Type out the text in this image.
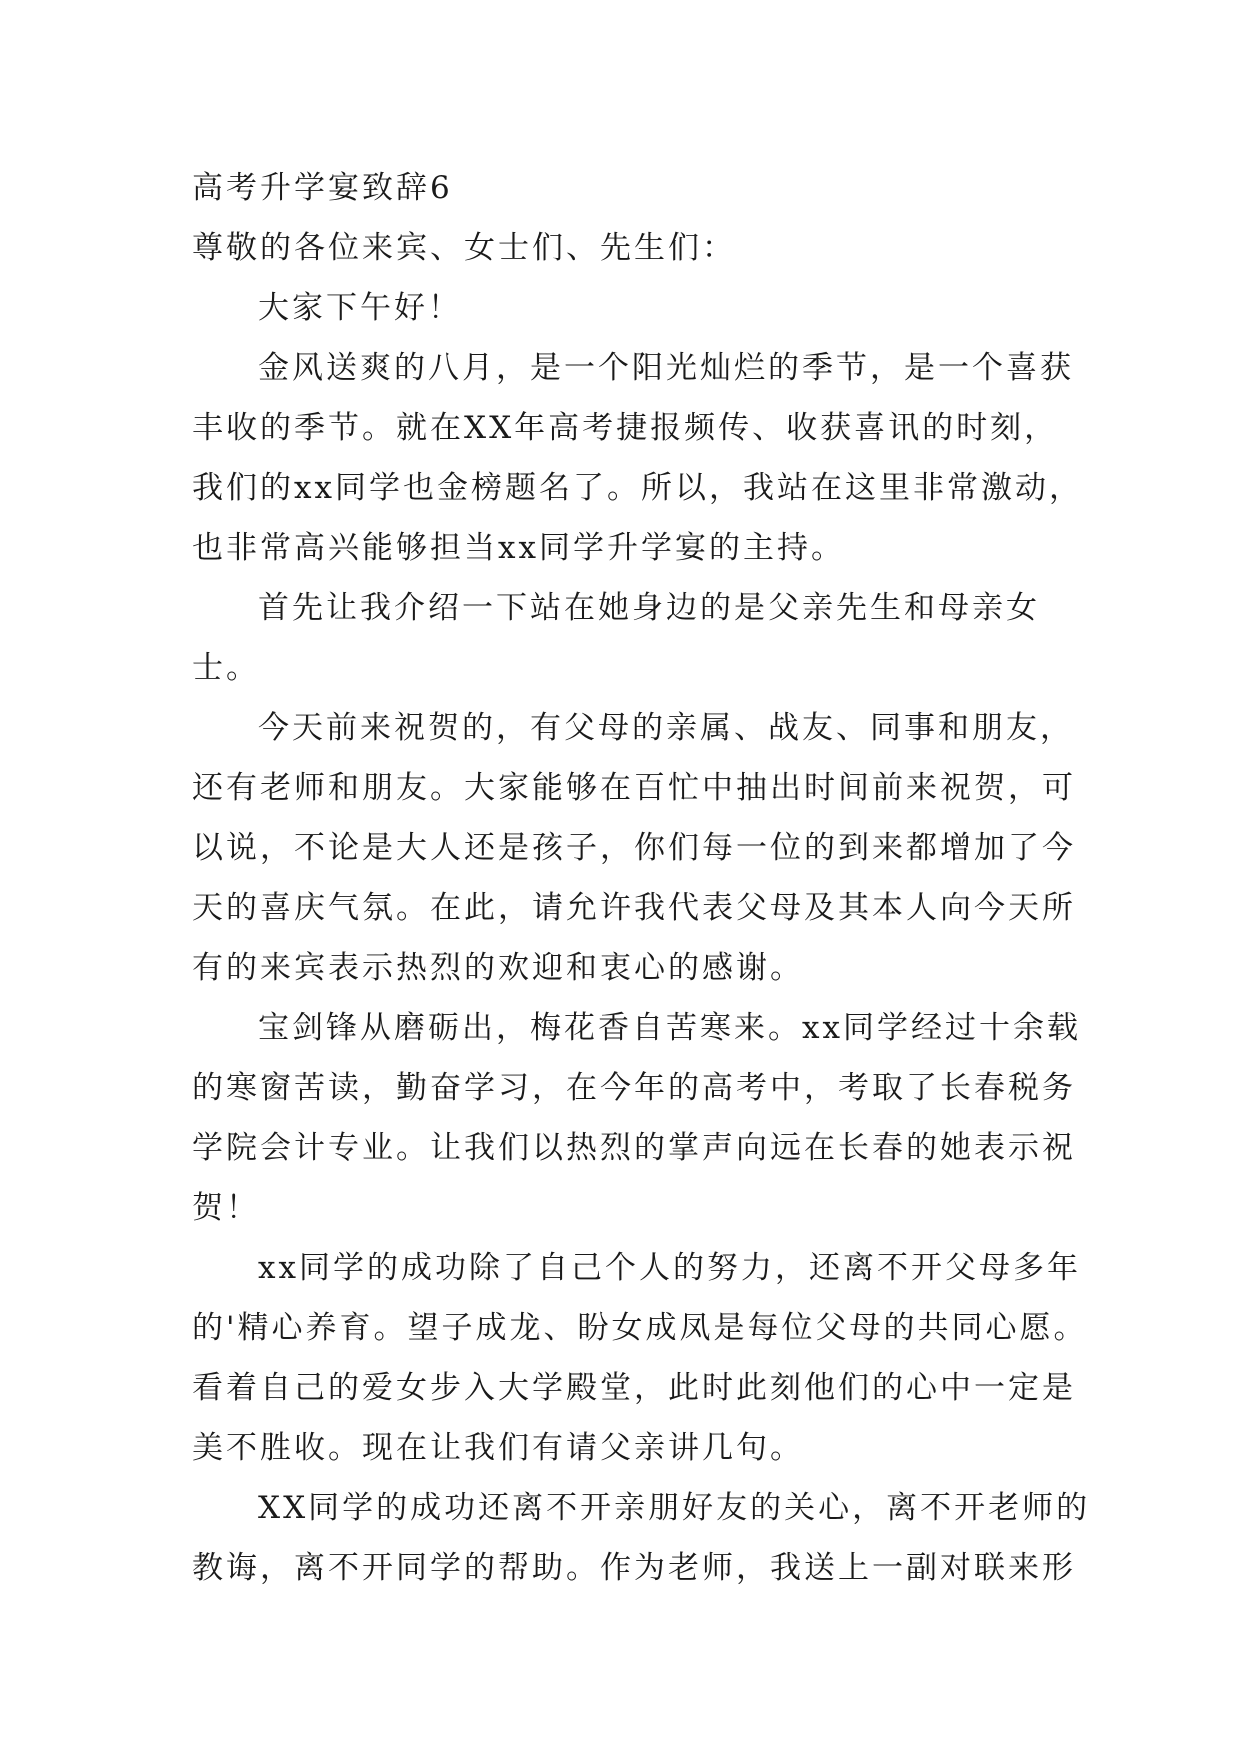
高考升学宴致辞6
尊敬的各位来宾、女士们、先生们：
大家下午好！
金风送爽的八月，是一个阳光灿烂的季节，是一个喜获
丰收的季节。就在XX年高考捷报频传、收获喜讯的时刻，
我们的xx同学也金榜题名了。所以，我站在这里非常激动，
也非常高兴能够担当xx同学升学宴的主持。
首先让我介绍一下站在她身边的是父亲先生和母亲女
士。
今天前来祝贺的，有父母的亲属、战友、同事和朋友，
还有老师和朋友。大家能够在百忙中抽出时间前来祝贺，可
以说，不论是大人还是孩子，你们每一位的到来都增加了今
天的喜庆气氛。在此，请允许我代表父母及其本人向今天所
有的来宾表示热烈的欢迎和衷心的感谢。
宝剑锋从磨砺出，梅花香自苦寒来。xx同学经过十余载
的寒窗苦读，勤奋学习，在今年的高考中，考取了长春税务
学院会计专业。让我们以热烈的掌声向远在长春的她表示祝
贺！
xx同学的成功除了自己个人的努力，还离不开父母多年
的'精心养育。望子成龙、盼女成凤是每位父母的共同心愿。
看着自己的爱女步入大学殿堂，此时此刻他们的心中一定是
美不胜收。现在让我们有请父亲讲几句。
XX同学的成功还离不开亲朋好友的关心，离不开老师的
教诲，离不开同学的帮助。作为老师，我送上一副对联来形
